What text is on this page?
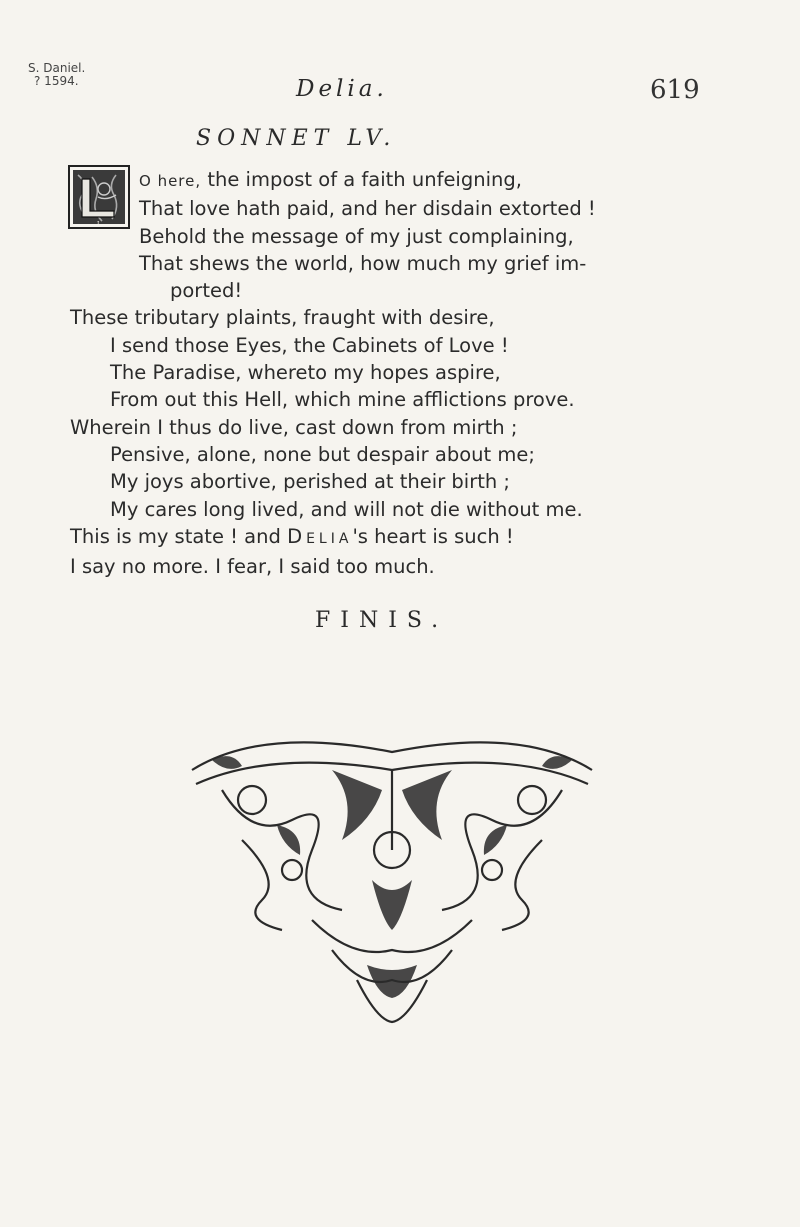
S. Daniel.
? 1594.	Delia.	619
SONNET LV.
L
O here, the impost of a faith unfeigning,
That love hath paid, and her disdain extorted !
Behold the message of my just complaining,
That shews the world, how much my grief im-
ported!
These tributary plaints, fraught with desire,
I send those Eyes, the Cabinets of Love !
The Paradise, whereto my hopes aspire,
From out this Hell, which mine afflictions prove.
Wherein I thus do live, cast down from mirth ;
Pensive, alone, none but despair about me;
My joys abortive, perished at their birth ;
My cares long lived, and will not die without me.
This is my state ! and DELIA's heart is such !
I say no more. I fear, I said too much.
FINIS.
